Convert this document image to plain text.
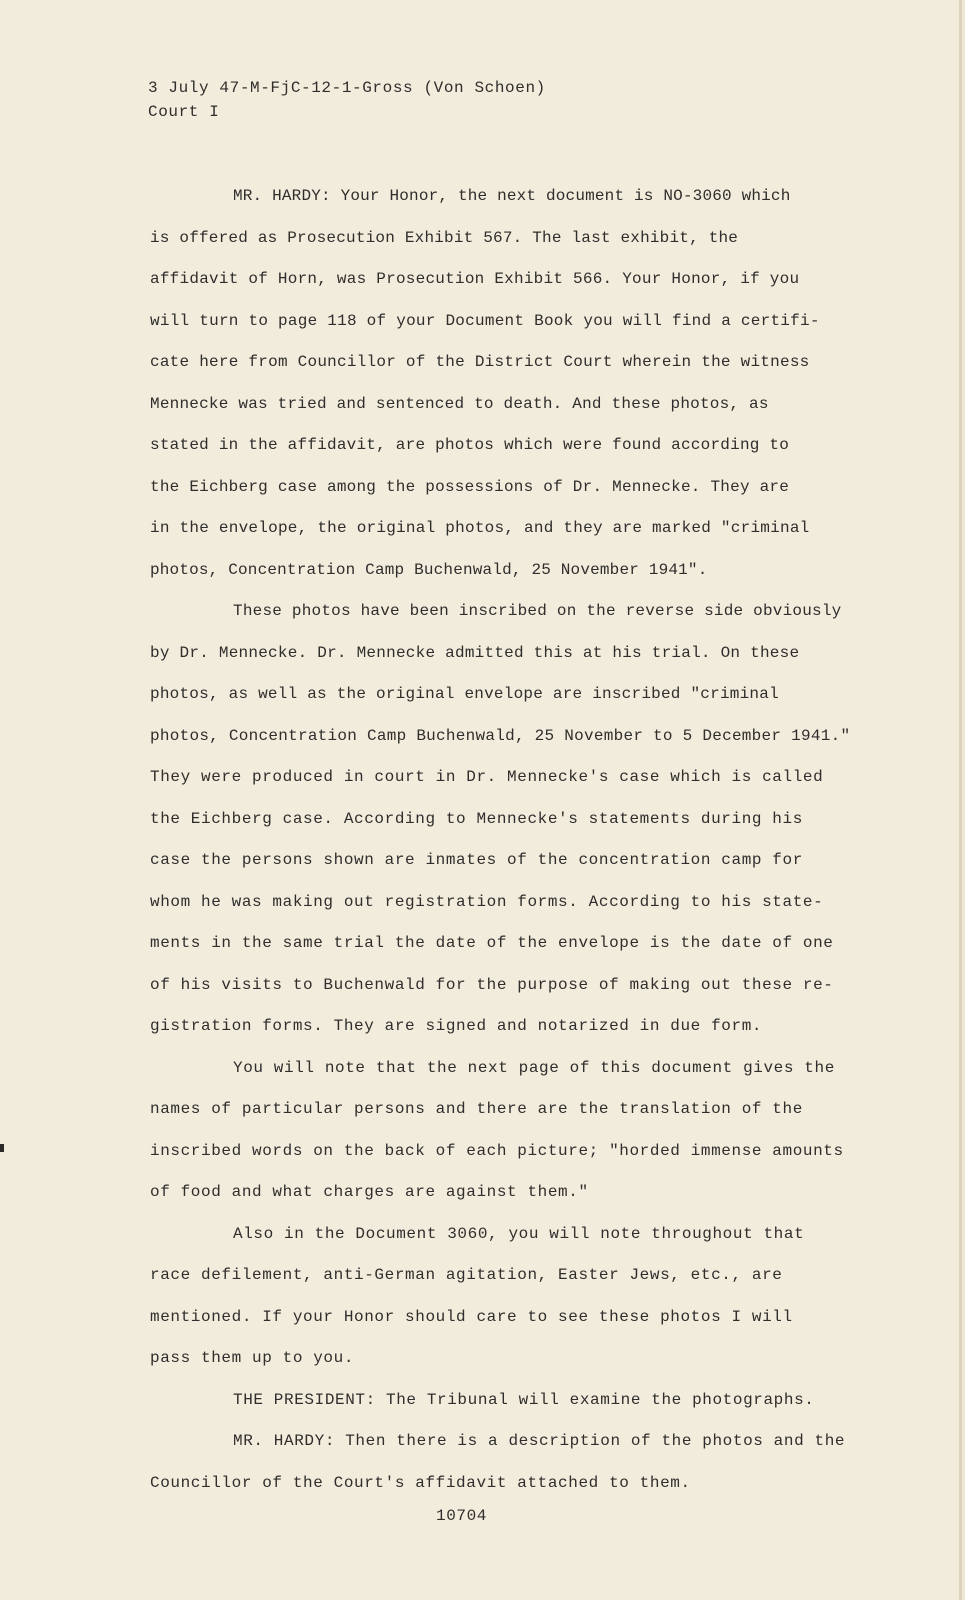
3 July 47-M-FjC-12-1-Gross (Von Schoen)
Court I
MR. HARDY: Your Honor, the next document is NO-3060 which
is offered as Prosecution Exhibit 567. The last exhibit, the
affidavit of Horn, was Prosecution Exhibit 566. Your Honor, if you
will turn to page 118 of your Document Book you will find a certifi-
cate here from Councillor of the District Court wherein the witness
Mennecke was tried and sentenced to death. And these photos, as
stated in the affidavit, are photos which were found according to
the Eichberg case among the possessions of Dr. Mennecke. They are
in the envelope, the original photos, and they are marked "criminal
photos, Concentration Camp Buchenwald, 25 November 1941".
These photos have been inscribed on the reverse side obviously
by Dr. Mennecke. Dr. Mennecke admitted this at his trial. On these
photos, as well as the original envelope are inscribed "criminal
photos, Concentration Camp Buchenwald, 25 November to 5 December 1941."
They were produced in court in Dr. Mennecke's case which is called
the Eichberg case. According to Mennecke's statements during his
case the persons shown are inmates of the concentration camp for
whom he was making out registration forms. According to his state-
ments in the same trial the date of the envelope is the date of one
of his visits to Buchenwald for the purpose of making out these re-
gistration forms. They are signed and notarized in due form.
You will note that the next page of this document gives the
names of particular persons and there are the translation of the
inscribed words on the back of each picture; "horded immense amounts
of food and what charges are against them."
Also in the Document 3060, you will note throughout that
race defilement, anti-German agitation, Easter Jews, etc., are
mentioned. If your Honor should care to see these photos I will
pass them up to you.
THE PRESIDENT: The Tribunal will examine the photographs.
MR. HARDY: Then there is a description of the photos and the
Councillor of the Court's affidavit attached to them.
10704
